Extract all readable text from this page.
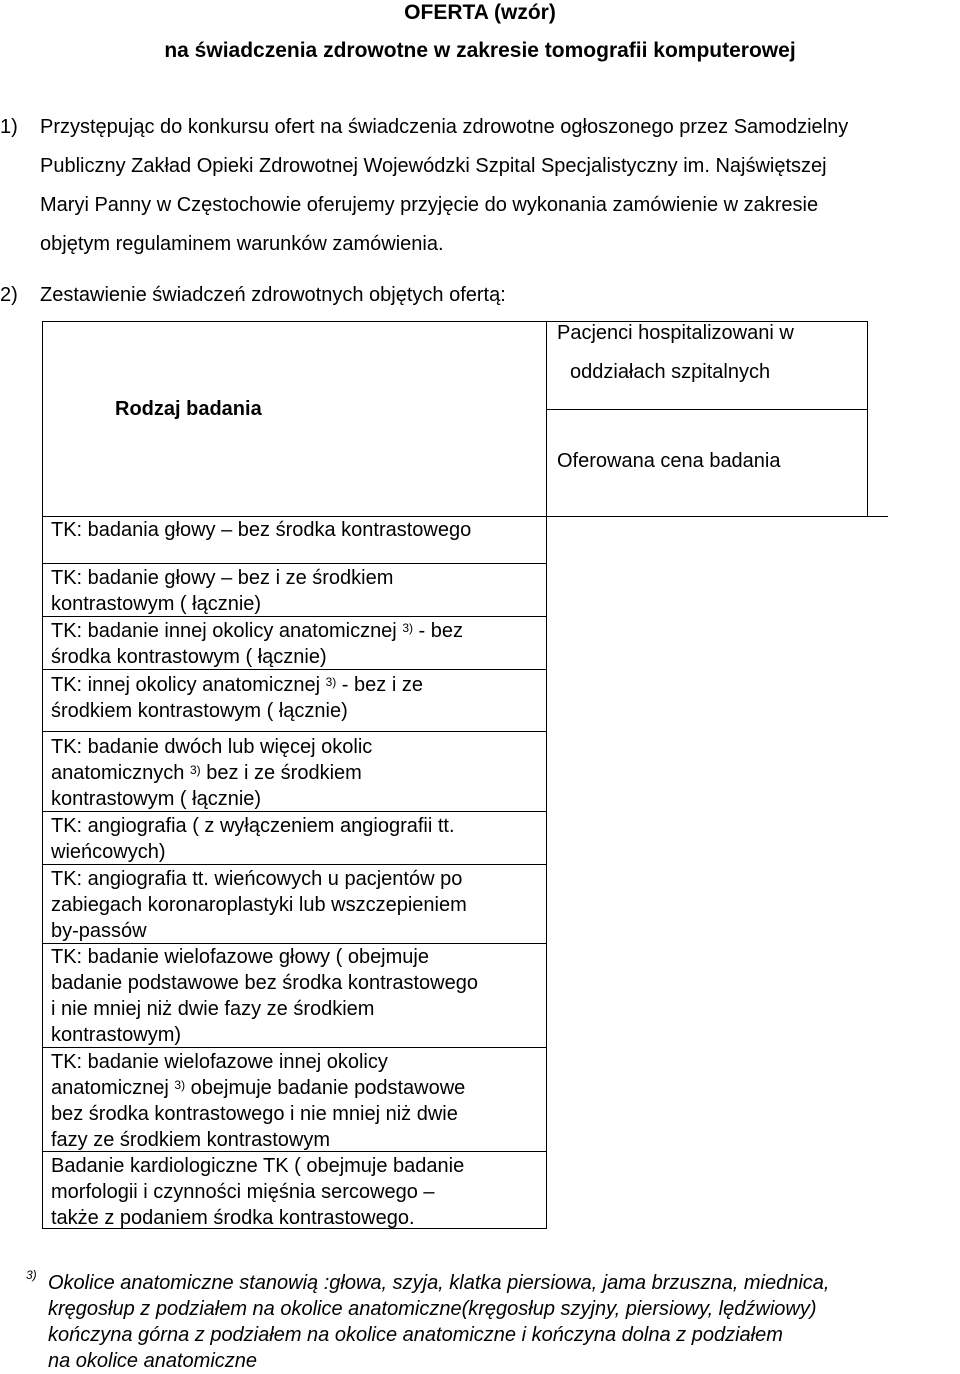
OFERTA (wzór)
na świadczenia zdrowotne w zakresie tomografii komputerowej
1) Przystępując do konkursu ofert na świadczenia zdrowotne ogłoszonego przez Samodzielny
Publiczny Zakład Opieki Zdrowotnej Wojewódzki Szpital Specjalistyczny im. Najświętszej
Maryi Panny w Częstochowie oferujemy przyjęcie do wykonania zamówienie w zakresie
objętym regulaminem warunków zamówienia.
2) Zestawienie świadczeń zdrowotnych objętych ofertą:
Rodzaj badania
Pacjenci hospitalizowani w
oddziałach szpitalnych
Oferowana cena badania
TK: badania głowy – bez środka kontrastowego
TK: badanie głowy – bez i ze środkiem
kontrastowym ( łącznie)
TK: badanie innej okolicy anatomicznej $^{3)}$ - bez
środka kontrastowym ( łącznie)
TK: innej okolicy anatomicznej $^{3)}$ - bez i ze
środkiem kontrastowym ( łącznie)
TK: badanie dwóch lub więcej okolic
anatomicznych $^{3)}$ bez i ze środkiem
kontrastowym ( łącznie)
TK: angiografia ( z wyłączeniem angiografii tt.
wieńcowych)
TK: angiografia tt. wieńcowych u pacjentów po
zabiegach koronaroplastyki lub wszczepieniem
by-passów
TK: badanie wielofazowe głowy ( obejmuje
badanie podstawowe bez środka kontrastowego
i nie mniej niż dwie fazy ze środkiem
kontrastowym)
TK: badanie wielofazowe innej okolicy
anatomicznej $^{3)}$ obejmuje badanie podstawowe
bez środka kontrastowego i nie mniej niż dwie
fazy ze środkiem kontrastowym
Badanie kardiologiczne TK ( obejmuje badanie
morfologii i czynności mięśnia sercowego –
także z podaniem środka kontrastowego.
3) Okolice anatomiczne stanowią :głowa, szyja, klatka piersiowa, jama brzuszna, miednica,
kręgosłup z podziałem na okolice anatomiczne(kręgosłup szyjny, piersiowy, lędźwiowy)
kończyna górna z podziałem na okolice anatomiczne i kończyna dolna z podziałem
na okolice anatomiczne
